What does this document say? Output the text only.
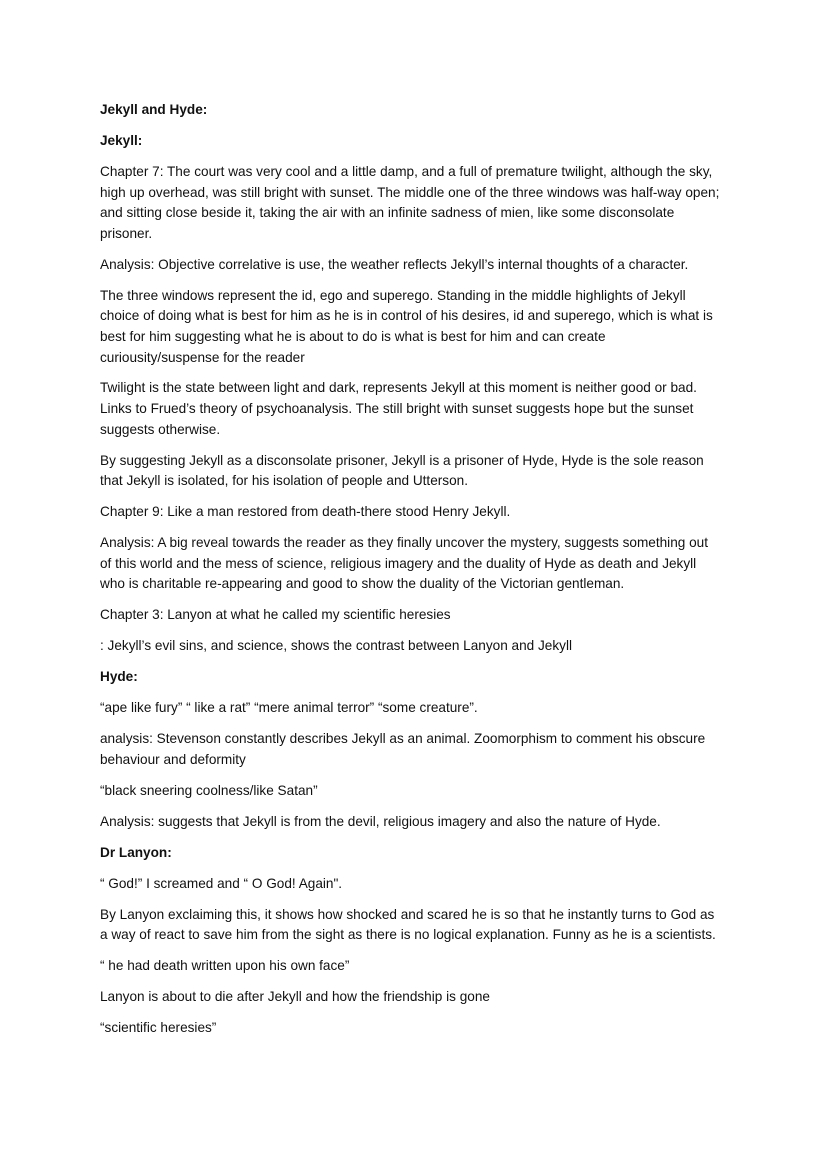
Jekyll and Hyde:

Jekyll:

Chapter 7: The court was very cool and a little damp, and a full of premature twilight, although the sky, high up overhead, was still bright with sunset. The middle one of the three windows was half-way open; and sitting close beside it, taking the air with an infinite sadness of mien, like some disconsolate prisoner.

Analysis: Objective correlative is use, the weather reflects Jekyll’s internal thoughts of a character.

The three windows represent the id, ego and superego. Standing in the middle highlights of Jekyll choice of doing what is best for him as he is in control of his desires, id and superego, which is what is best for him suggesting what he is about to do is what is best for him and can create curiousity/suspense for the reader

Twilight is the state between light and dark, represents Jekyll at this moment is neither good or bad. Links to Frued’s theory of psychoanalysis. The still bright with sunset suggests hope but the sunset suggests otherwise.

By suggesting Jekyll as a disconsolate prisoner, Jekyll is a prisoner of Hyde, Hyde is the sole reason that Jekyll is isolated, for his isolation of people and Utterson.

Chapter 9: Like a man restored from death-there stood Henry Jekyll.

Analysis: A big reveal towards the reader as they finally uncover the mystery, suggests something out of this world and the mess of science, religious imagery and the duality of Hyde as death and Jekyll who is charitable re-appearing and good to show the duality of the Victorian gentleman.

Chapter 3: Lanyon at what he called my scientific heresies

: Jekyll’s evil sins, and science, shows the contrast between Lanyon and Jekyll

Hyde:

“ape like fury” “ like a rat” “mere animal terror” “some creature”.

analysis: Stevenson constantly describes Jekyll as an animal. Zoomorphism to comment his obscure behaviour and deformity

“black sneering coolness/like Satan”

Analysis: suggests that Jekyll is from the devil, religious imagery and also the nature of Hyde.

Dr Lanyon:

“ God!” I screamed and “ O God! Again".

By Lanyon exclaiming this, it shows how shocked and scared he is so that he instantly turns to God as a way of react to save him from the sight as there is no logical explanation. Funny as he is a scientists.

“ he had death written upon his own face”

Lanyon is about to die after Jekyll and how the friendship is gone

“scientific heresies”
